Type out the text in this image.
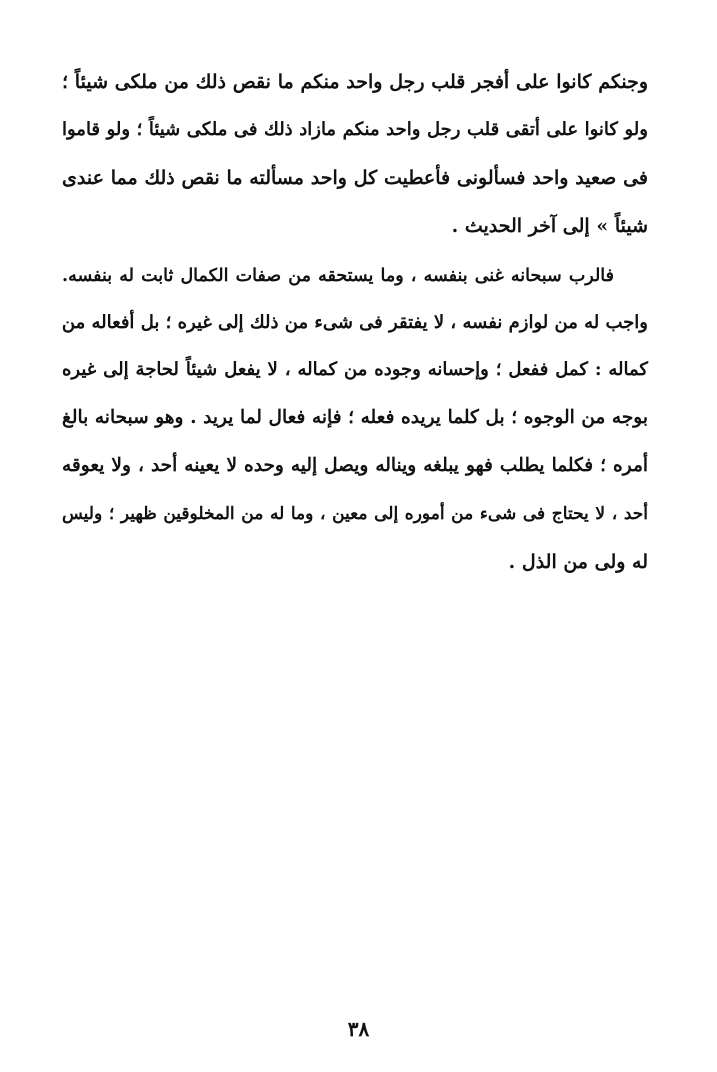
وجنكم كانوا على أفجر قلب رجل واحد منكم ما نقص ذلك من ملكى شيئاً ؛
ولو كانوا على أتقى قلب رجل واحد منكم مازاد ذلك فى ملكى شيئاً ؛ ولو قاموا
فى صعيد واحد فسألونى فأعطيت كل واحد مسألته ما نقص ذلك مما عندى
شيئاً » إلى آخر الحديث .
فالرب سبحانه غنى بنفسه ، وما يستحقه من صفات الكمال ثابت له بنفسه.
واجب له من لوازم نفسه ، لا يفتقر فى شىء من ذلك إلى غيره ؛ بل أفعاله من
كماله : كمل ففعل ؛ وإحسانه وجوده من كماله ، لا يفعل شيئاً لحاجة إلى غيره
بوجه من الوجوه ؛ بل كلما يريده فعله ؛ فإنه فعال لما يريد . وهو سبحانه بالغ
أمره ؛ فكلما يطلب فهو يبلغه ويناله ويصل إليه وحده لا يعينه أحد ، ولا يعوقه
أحد ، لا يحتاج فى شىء من أموره إلى معين ، وما له من المخلوقين ظهير ؛ وليس
له ولى من الذل .
٣٨
